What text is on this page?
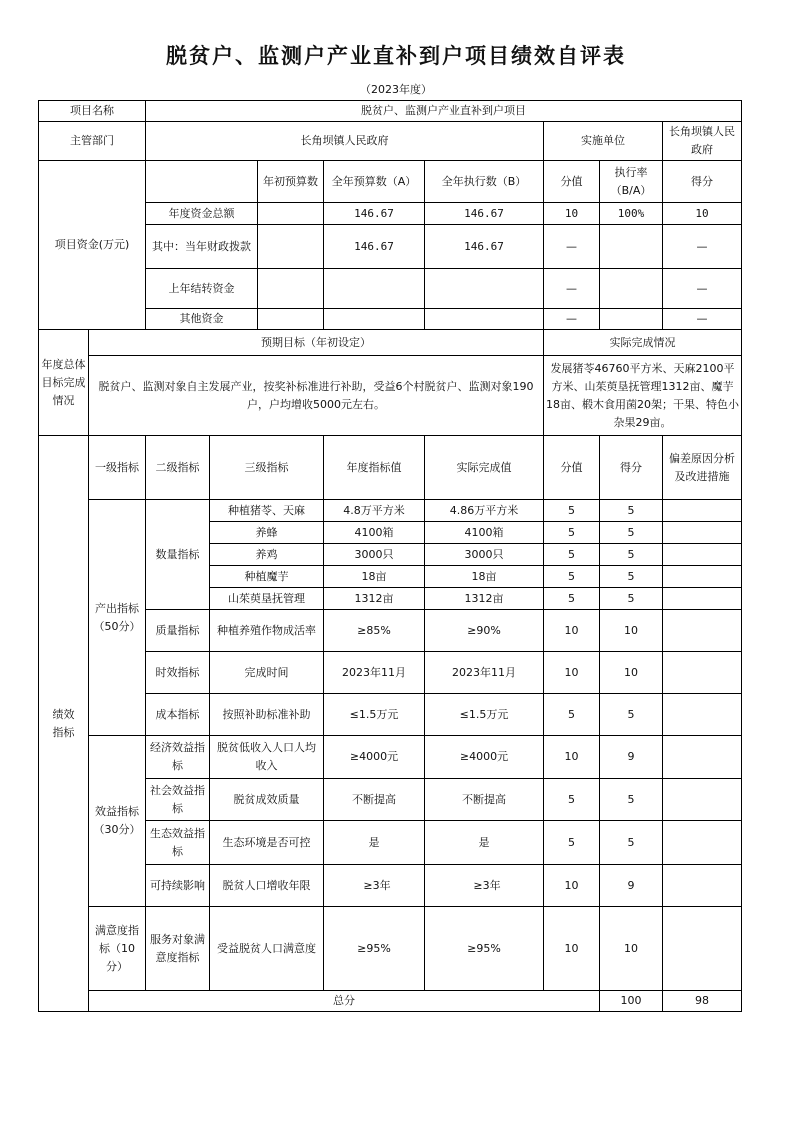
脱贫户、监测户产业直补到户项目绩效自评表
（2023年度）
项目名称		脱贫户、监测户产业直补到户项目								
主管部门		长角坝镇人民政府					实施单位		长角坝镇人民政府	
项目资金(万元)				年初预算数	全年预算数（A）	全年执行数（B）	分值	执行率（B/A）	得分	
		年度资金总额			146.67	146.67	10	100%	10	
		其中：当年财政拨款			146.67	146.67	—		—	
		上年结转资金					—		—	
		其他资金					—		—	
年度总体目标完成情况	预期目标（年初设定）						实际完成情况			
	脱贫户、监测对象自主发展产业，按奖补标准进行补助，受益6个村脱贫户、监测对象190户，户均增收5000元左右。						发展猪苓46760平方米、天麻2100平方米、山茱萸垦抚管理1312亩、魔芋18亩、椴木食用菌20架；干果、特色小杂果29亩。			
绩效指标	一级指标	二级指标	三级指标		年度指标值	实际完成值	分值	得分	偏差原因分析及改进措施	
	产出指标（50分）	数量指标	种植猪苓、天麻		4.8万平方米	4.86万平方米	5	5		
			养蜂		4100箱	4100箱	5	5		
			养鸡		3000只	3000只	5	5		
			种植魔芋		18亩	18亩	5	5		
			山茱萸垦抚管理		1312亩	1312亩	5	5		
		质量指标	种植养殖作物成活率		≥85%	≥90%	10	10		
		时效指标	完成时间		2023年11月	2023年11月	10	10		
		成本指标	按照补助标准补助		≤1.5万元	≤1.5万元	5	5		
	效益指标（30分）	经济效益指标	脱贫低收入人口人均收入		≥4000元	≥4000元	10	9		
		社会效益指标	脱贫成效质量		不断提高	不断提高	5	5		
		生态效益指标	生态环境是否可控		是	是	5	5		
		可持续影响	脱贫人口增收年限		≥3年	≥3年	10	9		
	满意度指标（10分）	服务对象满意度指标	受益脱贫人口满意度		≥95%	≥95%	10	10		
	总分							100	98	
